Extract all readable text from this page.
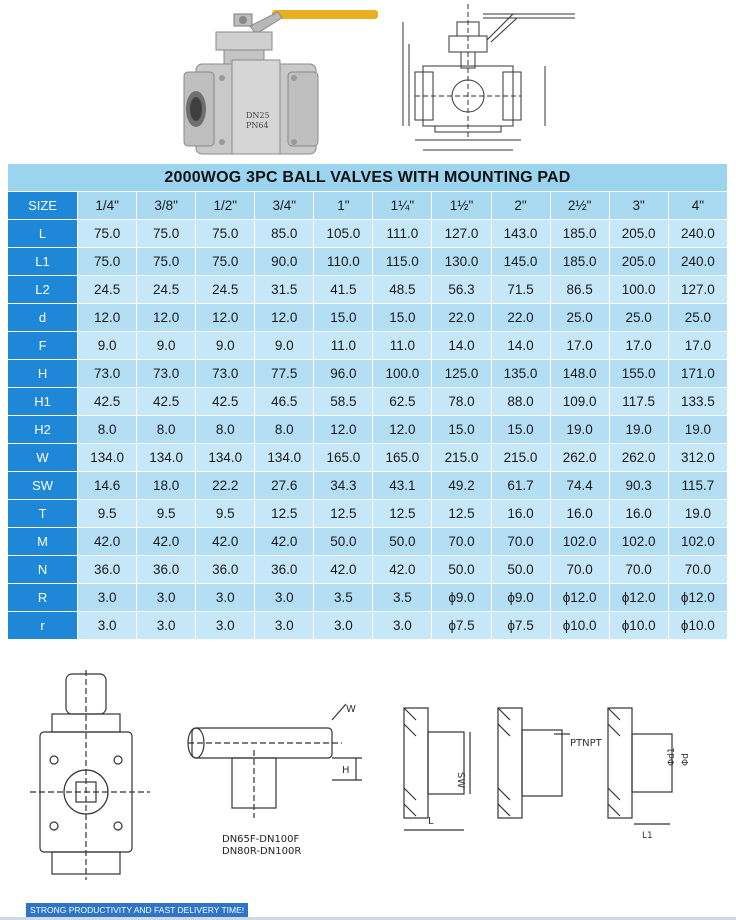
DN25
PN64
2000WOG 3PC BALL VALVES WITH MOUNTING PAD											
SIZE	1/4"	3/8"	1/2"	3/4"	1"	1¼"	1½"	2"	2½"	3"	4"
L	75.0	75.0	75.0	85.0	105.0	111.0	127.0	143.0	185.0	205.0	240.0
L1	75.0	75.0	75.0	90.0	110.0	115.0	130.0	145.0	185.0	205.0	240.0
L2	24.5	24.5	24.5	31.5	41.5	48.5	56.3	71.5	86.5	100.0	127.0
d	12.0	12.0	12.0	12.0	15.0	15.0	22.0	22.0	25.0	25.0	25.0
F	9.0	9.0	9.0	9.0	11.0	11.0	14.0	14.0	17.0	17.0	17.0
H	73.0	73.0	73.0	77.5	96.0	100.0	125.0	135.0	148.0	155.0	171.0
H1	42.5	42.5	42.5	46.5	58.5	62.5	78.0	88.0	109.0	117.5	133.5
H2	8.0	8.0	8.0	8.0	12.0	12.0	15.0	15.0	19.0	19.0	19.0
W	134.0	134.0	134.0	134.0	165.0	165.0	215.0	215.0	262.0	262.0	312.0
SW	14.6	18.0	22.2	27.6	34.3	43.1	49.2	61.7	74.4	90.3	115.7
T	9.5	9.5	9.5	12.5	12.5	12.5	12.5	16.0	16.0	16.0	19.0
M	42.0	42.0	42.0	42.0	50.0	50.0	70.0	70.0	102.0	102.0	102.0
N	36.0	36.0	36.0	36.0	42.0	42.0	50.0	50.0	70.0	70.0	70.0
R	3.0	3.0	3.0	3.0	3.5	3.5	ϕ9.0	ϕ9.0	ϕ12.0	ϕ12.0	ϕ12.0
r	3.0	3.0	3.0	3.0	3.0	3.0	ϕ7.5	ϕ7.5	ϕ10.0	ϕ10.0	ϕ10.0
W
H
DN65F-DN100F
DN80R-DN100R
SW
L
PTNPT
Φd1 Φd
L1
STRONG PRODUCTIVITY AND FAST DELIVERY TIME!
